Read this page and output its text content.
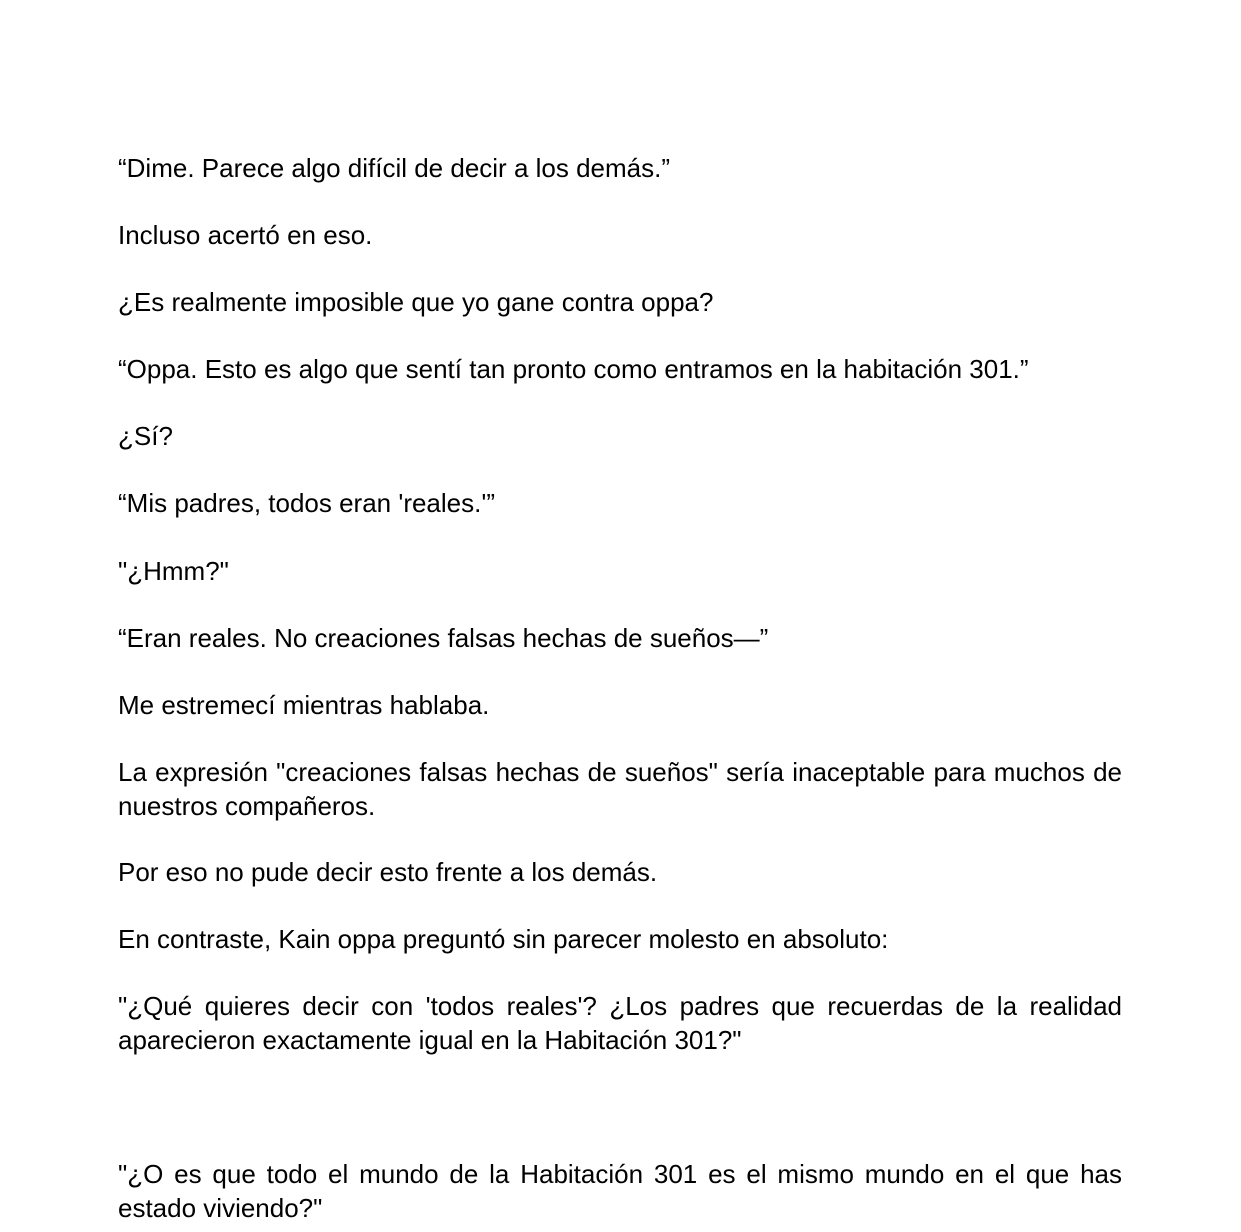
“Dime. Parece algo difícil de decir a los demás.”

Incluso acertó en eso.

¿Es realmente imposible que yo gane contra oppa?

“Oppa. Esto es algo que sentí tan pronto como entramos en la habitación 301.”

¿Sí?

“Mis padres, todos eran 'reales.'”

"¿Hmm?"

“Eran reales. No creaciones falsas hechas de sueños—”

Me estremecí mientras hablaba.

La expresión "creaciones falsas hechas de sueños" sería inaceptable para muchos de nuestros compañeros.

Por eso no pude decir esto frente a los demás.

En contraste, Kain oppa preguntó sin parecer molesto en absoluto:

"¿Qué quieres decir con 'todos reales'? ¿Los padres que recuerdas de la realidad aparecieron exactamente igual en la Habitación 301?"

"¿O es que todo el mundo de la Habitación 301 es el mismo mundo en el que has estado viviendo?"
